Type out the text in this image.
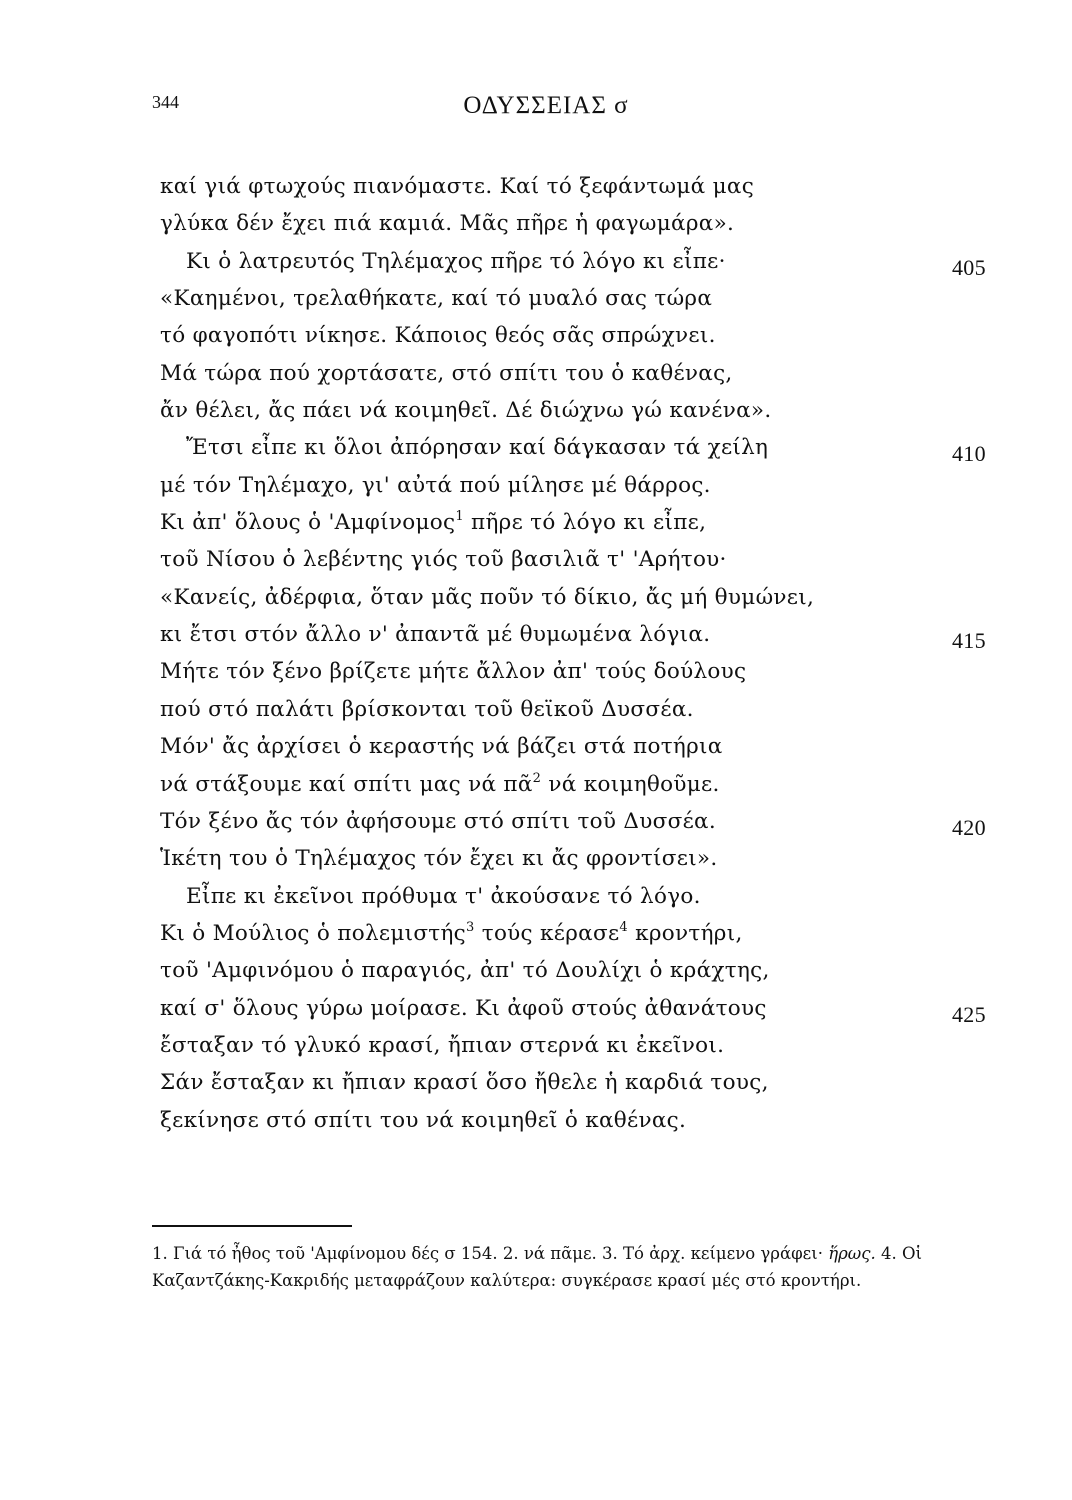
344	ΟΔΥΣΣΕΙΑΣ σ
καί γιά φτωχούς πιανόμαστε. Καί τό ξεφάντωμά μας
γλύκα δέν ἔχει πιά καμιά. Μᾶς πῆρε ἡ φαγωμάρα».
Κι ὁ λατρευτός Τηλέμαχος πῆρε τό λόγο κι εἶπε·	405
«Καημένοι, τρελαθήκατε, καί τό μυαλό σας τώρα
τό φαγοπότι νίκησε. Κάποιος θεός σᾶς σπρώχνει.
Μά τώρα πού χορτάσατε, στό σπίτι του ὁ καθένας,
ἄν θέλει, ἄς πάει νά κοιμηθεῖ. Δέ διώχνω γώ κανένα».
Ἔτσι εἶπε κι ὅλοι ἀπόρησαν καί δάγκασαν τά χείλη	410
μέ τόν Τηλέμαχο, γι' αὐτά πού μίλησε μέ θάρρος.
Κι ἀπ' ὅλους ὁ 'Αμφίνομος$^1$ πῆρε τό λόγο κι εἶπε,
τοῦ Νίσου ὁ λεβέντης γιός τοῦ βασιλιᾶ τ' 'Αρήτου·
«Κανείς, ἀδέρφια, ὅταν μᾶς ποῦν τό δίκιο, ἄς μή θυμώνει,
κι ἔτσι στόν ἄλλο ν' ἀπαντᾶ μέ θυμωμένα λόγια.	415
Μήτε τόν ξένο βρίζετε μήτε ἄλλον ἀπ' τούς δούλους
πού στό παλάτι βρίσκονται τοῦ θεϊκοῦ Δυσσέα.
Μόν' ἄς ἀρχίσει ὁ κεραστής νά βάζει στά ποτήρια
νά στάξουμε καί σπίτι μας νά πᾶ$^2$ νά κοιμηθοῦμε.
Τόν ξένο ἄς τόν ἀφήσουμε στό σπίτι τοῦ Δυσσέα.	420
Ἱκέτη του ὁ Τηλέμαχος τόν ἔχει κι ἄς φροντίσει».
Εἶπε κι ἐκεῖνοι πρόθυμα τ' ἀκούσανε τό λόγο.
Κι ὁ Μούλιος ὁ πολεμιστής$^3$ τούς κέρασε$^4$ κροντήρι,
τοῦ 'Αμφινόμου ὁ παραγιός, ἀπ' τό Δουλίχι ὁ κράχτης,
καί σ' ὅλους γύρω μοίρασε. Κι ἀφοῦ στούς ἀθανάτους	425
ἔσταξαν τό γλυκό κρασί, ἤπιαν στερνά κι ἐκεῖνοι.
Σάν ἔσταξαν κι ἤπιαν κρασί ὅσο ἤθελε ἡ καρδιά τους,
ξεκίνησε στό σπίτι του νά κοιμηθεῖ ὁ καθένας.
1. Γιά τό ἦθος τοῦ 'Αμφίνομου δές σ 154. 2. νά πᾶμε. 3. Τό ἀρχ. κείμενο γράφει· ἥρως. 4. Οἱ Καζαντζάκης-Κακριδής μεταφράζουν καλύτερα: συγκέρασε κρασί μές στό κροντήρι.
